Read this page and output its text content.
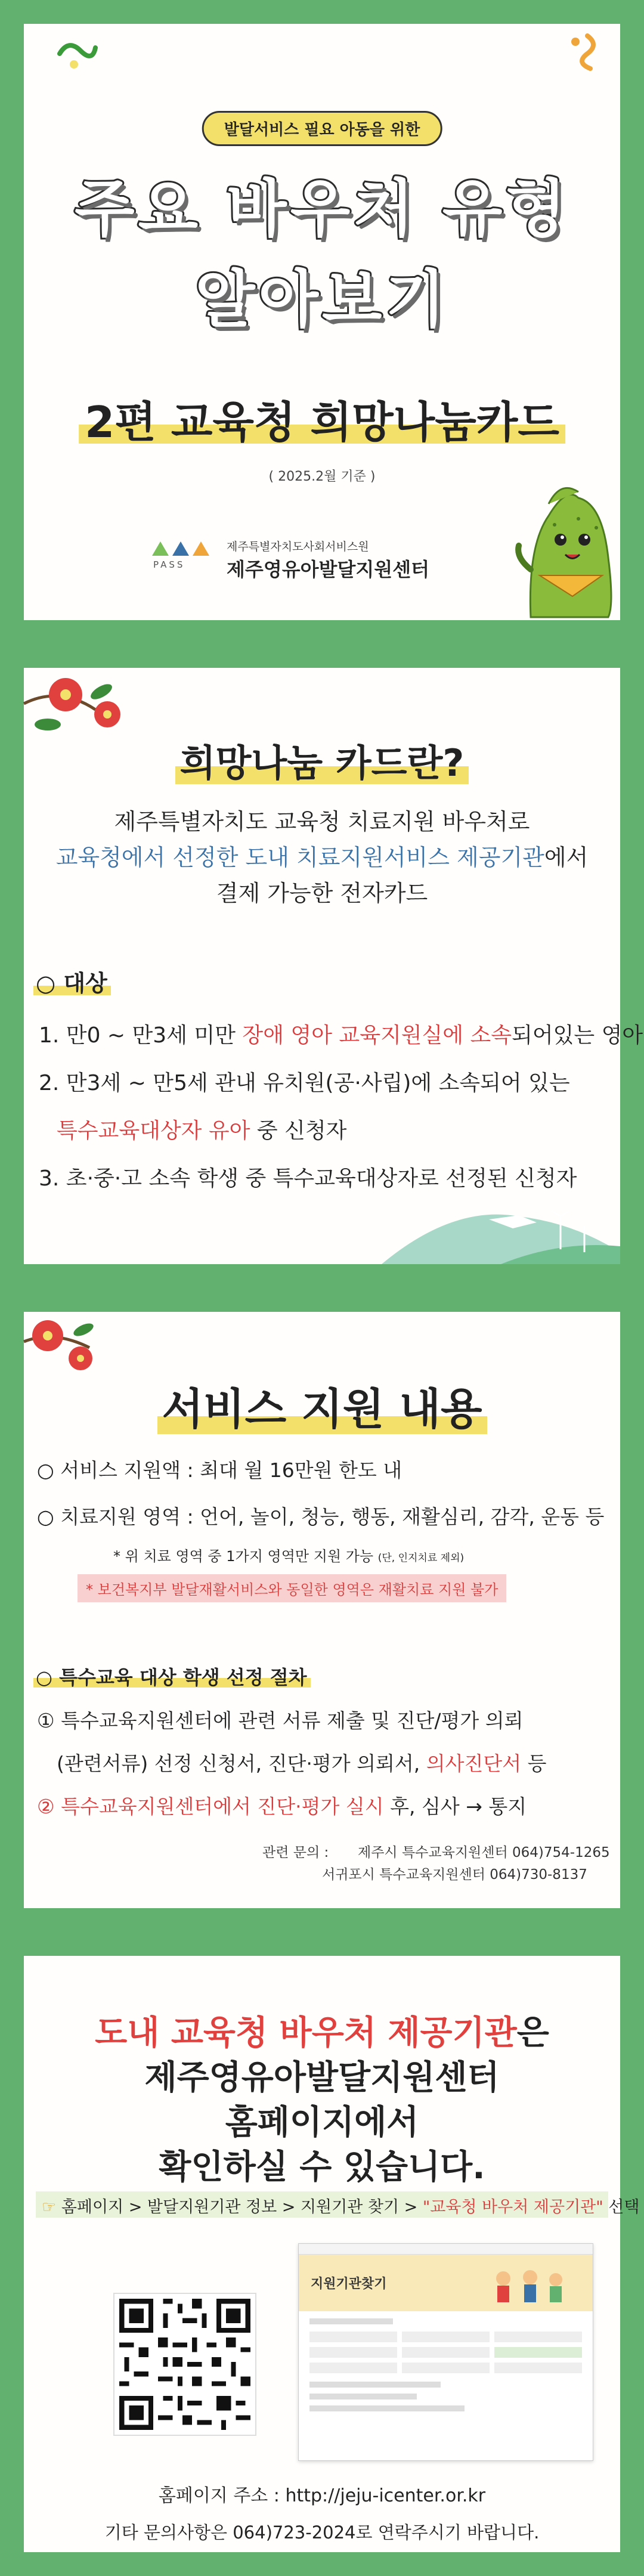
발달서비스 필요 아동을 위한
주요 바우처 유형
알아보기
2편 교육청 희망나눔카드
( 2025.2월 기준 )
PASS
제주특별자치도사회서비스원
제주영유아발달지원센터
희망나눔 카드란?
제주특별자치도 교육청 치료지원 바우처로
교육청에서 선정한 도내 치료지원서비스 제공기관에서
결제 가능한 전자카드
○ 대상
1. 만0 ~ 만3세 미만 장애 영아 교육지원실에 소속되어있는 영아
2. 만3세 ~ 만5세 관내 유치원(공·사립)에 소속되어 있는
특수교육대상자 유아 중 신청자
3. 초·중·고 소속 학생 중 특수교육대상자로 선정된 신청자
서비스 지원 내용
○ 서비스 지원액 : 최대 월 16만원 한도 내
○ 치료지원 영역 : 언어, 놀이, 청능, 행동, 재활심리, 감각, 운동 등
* 위 치료 영역 중 1가지 영역만 지원 가능 (단, 인지치료 제외)
* 보건복지부 발달재활서비스와 동일한 영역은 재활치료 지원 불가
○ 특수교육 대상 학생 선정 절차
① 특수교육지원센터에 관련 서류 제출 및 진단/평가 의뢰
(관련서류) 선정 신청서, 진단·평가 의뢰서, 의사진단서 등
② 특수교육지원센터에서 진단·평가 실시 후, 심사 → 통지
관련 문의 : 제주시 특수교육지원센터 064)754-1265
서귀포시 특수교육지원센터 064)730-8137
도내 교육청 바우처 제공기관은
제주영유아발달지원센터
홈페이지에서
확인하실 수 있습니다.
☞ 홈페이지 > 발달지원기관 정보 > 지원기관 찾기 > "교육청 바우처 제공기관" 선택
지원기관찾기
홈페이지 주소 : http://jeju-icenter.or.kr
기타 문의사항은 064)723-2024로 연락주시기 바랍니다.
